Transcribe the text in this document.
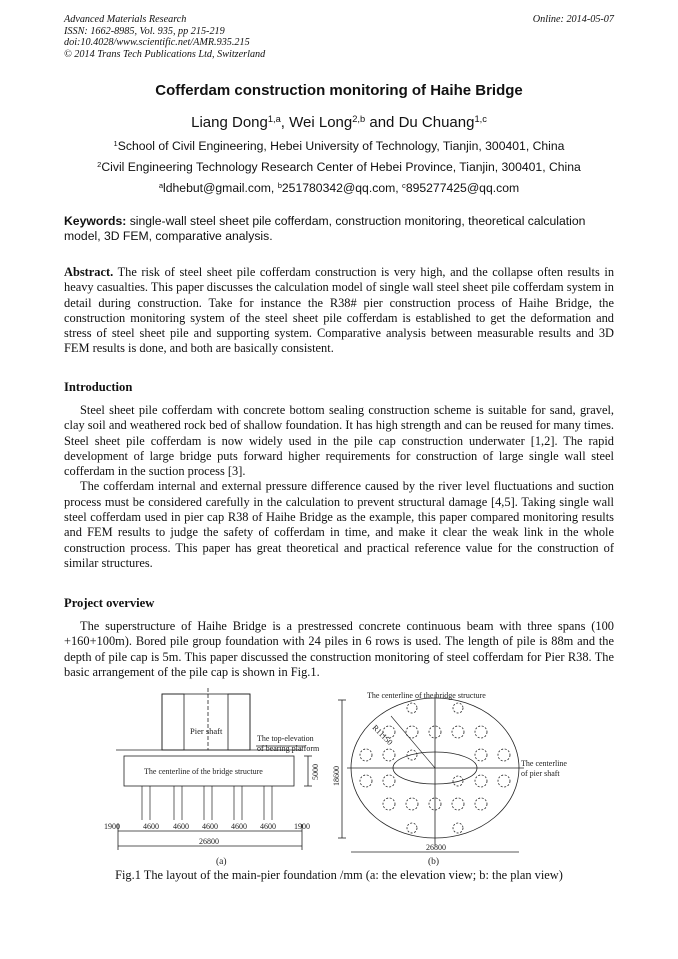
Advanced Materials Research
ISSN: 1662-8985, Vol. 935, pp 215-219
doi:10.4028/www.scientific.net/AMR.935.215
© 2014 Trans Tech Publications Ltd, Switzerland
Online: 2014-05-07
Cofferdam construction monitoring of Haihe Bridge
Liang Dong$^{1,a}$, Wei Long$^{2,b}$ and Du Chuang$^{1,c}$
$^1$School of Civil Engineering, Hebei University of Technology, Tianjin, 300401, China
$^2$Civil Engineering Technology Research Center of Hebei Province, Tianjin, 300401, China
$^a$ldhebut@gmail.com, $^b$251780342@qq.com, $^c$895277425@qq.com
Keywords: single-wall steel sheet pile cofferdam, construction monitoring, theoretical calculation model, 3D FEM, comparative analysis.

Abstract. The risk of steel sheet pile cofferdam construction is very high, and the collapse often results in heavy casualties. This paper discusses the calculation model of single wall steel sheet pile cofferdam system in detail during construction. Take for instance the R38# pier construction process of Haihe Bridge, the construction monitoring system of the steel sheet pile cofferdam is established to get the deformation and stress of steel sheet pile and supporting system. Comparative analysis between measurable results and 3D FEM results is done, and both are basically consistent.

Introduction

Steel sheet pile cofferdam with concrete bottom sealing construction scheme is suitable for sand, gravel, clay soil and weathered rock bed of shallow foundation. It has high strength and can be reused for many times. Steel sheet pile cofferdam is now widely used in the pile cap construction underwater [1,2]. The rapid development of large bridge puts forward higher requirements for construction of large single wall steel cofferdam in the suction process [3].

The cofferdam internal and external pressure difference caused by the river level fluctuations and suction process must be considered carefully in the calculation to prevent structural damage [4,5]. Taking single wall steel cofferdam used in pier cap R38 of Haihe Bridge as the example, this paper compared monitoring results and FEM results to judge the safety of cofferdam in time, and make it clear the weak link in the whole construction process. This paper has great theoretical and practical reference value for the construction of similar structures.

Project overview

The superstructure of Haihe Bridge is a prestressed concrete continuous beam with three spans (100 +160+100m). Bored pile group foundation with 24 piles in 6 rows is used. The length of pile is 88m and the depth of pile cap is 5m. This paper discussed the construction monitoring of steel cofferdam for Pier R38. The basic arrangement of the pile cap is shown in Fig.1.

Pier shaft
The top-elevation
of bearing platform
The centerline of the bridge structure	5000
1900	4600 4600 4600 4600 4600 1900
26800
(a)
The centerline of the bridge structure
R11150
18600
The centerline
of pier shaft
26800
(b)
Fig.1 The layout of the main-pier foundation /mm (a: the elevation view; b: the plan view)
